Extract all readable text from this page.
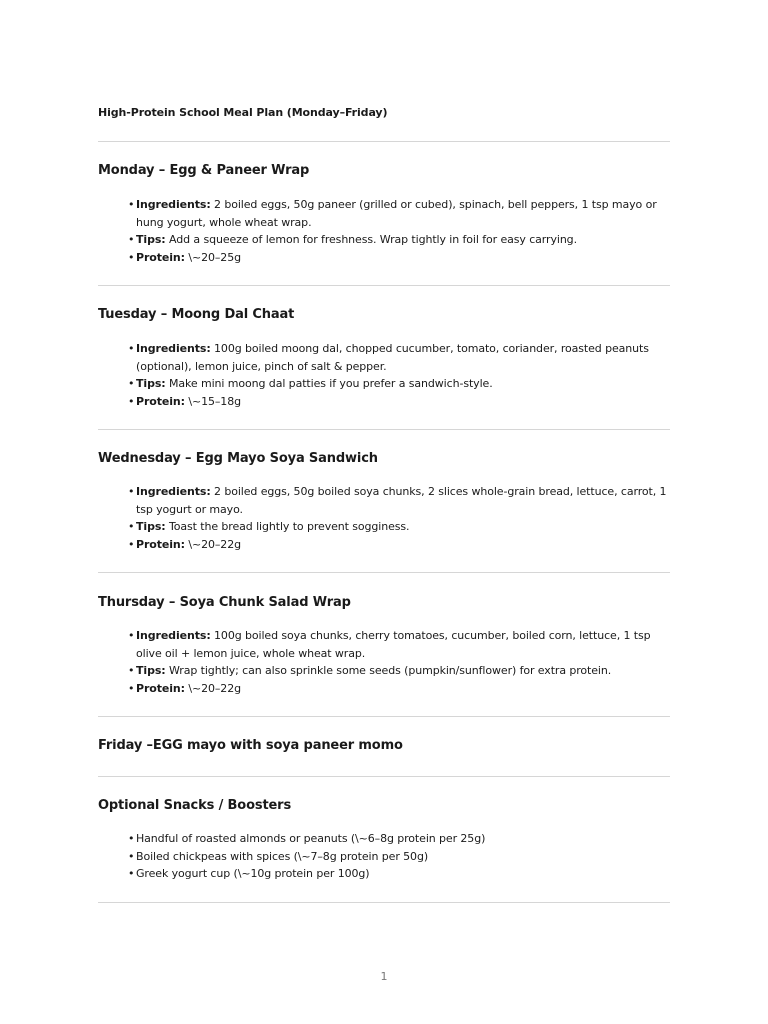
High-Protein School Meal Plan (Monday–Friday)
Monday – Egg & Paneer Wrap
• Ingredients: 2 boiled eggs, 50g paneer (grilled or cubed), spinach, bell peppers, 1 tsp mayo or hung yogurt, whole wheat wrap.
• Tips: Add a squeeze of lemon for freshness. Wrap tightly in foil for easy carrying.
• Protein: \~20–25g
Tuesday – Moong Dal Chaat
• Ingredients: 100g boiled moong dal, chopped cucumber, tomato, coriander, roasted peanuts (optional), lemon juice, pinch of salt & pepper.
• Tips: Make mini moong dal patties if you prefer a sandwich-style.
• Protein: \~15–18g
Wednesday – Egg Mayo Soya Sandwich
• Ingredients: 2 boiled eggs, 50g boiled soya chunks, 2 slices whole-grain bread, lettuce, carrot, 1 tsp yogurt or mayo.
• Tips: Toast the bread lightly to prevent sogginess.
• Protein: \~20–22g
Thursday – Soya Chunk Salad Wrap
• Ingredients: 100g boiled soya chunks, cherry tomatoes, cucumber, boiled corn, lettuce, 1 tsp olive oil + lemon juice, whole wheat wrap.
• Tips: Wrap tightly; can also sprinkle some seeds (pumpkin/sunflower) for extra protein.
• Protein: \~20–22g
Friday –EGG mayo with soya paneer momo
Optional Snacks / Boosters
• Handful of roasted almonds or peanuts (\~6–8g protein per 25g)
• Boiled chickpeas with spices (\~7–8g protein per 50g)
• Greek yogurt cup (\~10g protein per 100g)
1
